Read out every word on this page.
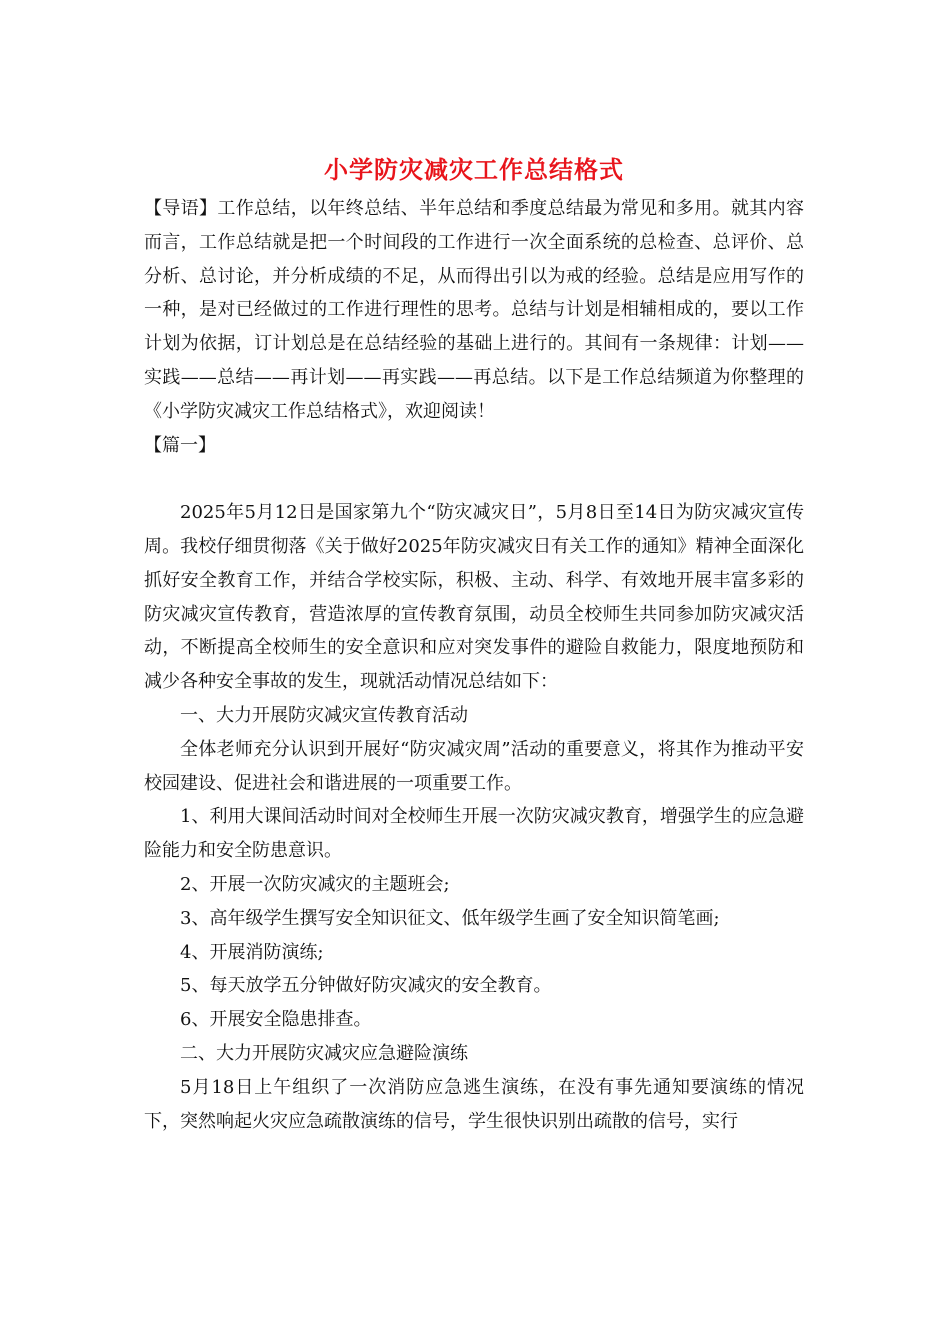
小学防灾减灾工作总结格式

【导语】工作总结，以年终总结、半年总结和季度总结最为常见和多用。就其内容而言，工作总结就是把一个时间段的工作进行一次全面系统的总检查、总评价、总分析、总讨论，并分析成绩的不足，从而得出引以为戒的经验。总结是应用写作的一种，是对已经做过的工作进行理性的思考。总结与计划是相辅相成的，要以工作计划为依据，订计划总是在总结经验的基础上进行的。其间有一条规律：计划——实践——总结——再计划——再实践——再总结。以下是工作总结频道为你整理的《小学防灾减灾工作总结格式》，欢迎阅读！

【篇一】

2025年5月12日是国家第九个“防灾减灾日”，5月8日至14日为防灾减灾宣传周。我校仔细贯彻落《关于做好2025年防灾减灾日有关工作的通知》精神全面深化抓好安全教育工作，并结合学校实际，积极、主动、科学、有效地开展丰富多彩的防灾减灾宣传教育，营造浓厚的宣传教育氛围，动员全校师生共同参加防灾减灾活动，不断提高全校师生的安全意识和应对突发事件的避险自救能力，限度地预防和减少各种安全事故的发生，现就活动情况总结如下：

一、大力开展防灾减灾宣传教育活动

全体老师充分认识到开展好“防灾减灾周”活动的重要意义，将其作为推动平安校园建设、促进社会和谐进展的一项重要工作。

1、利用大课间活动时间对全校师生开展一次防灾减灾教育，增强学生的应急避险能力和安全防患意识。

2、开展一次防灾减灾的主题班会;

3、高年级学生撰写安全知识征文、低年级学生画了安全知识简笔画;

4、开展消防演练;

5、每天放学五分钟做好防灾减灾的安全教育。

6、开展安全隐患排查。

二、大力开展防灾减灾应急避险演练

5月18日上午组织了一次消防应急逃生演练，在没有事先通知要演练的情况下，突然响起火灾应急疏散演练的信号，学生很快识别出疏散的信号，实行
